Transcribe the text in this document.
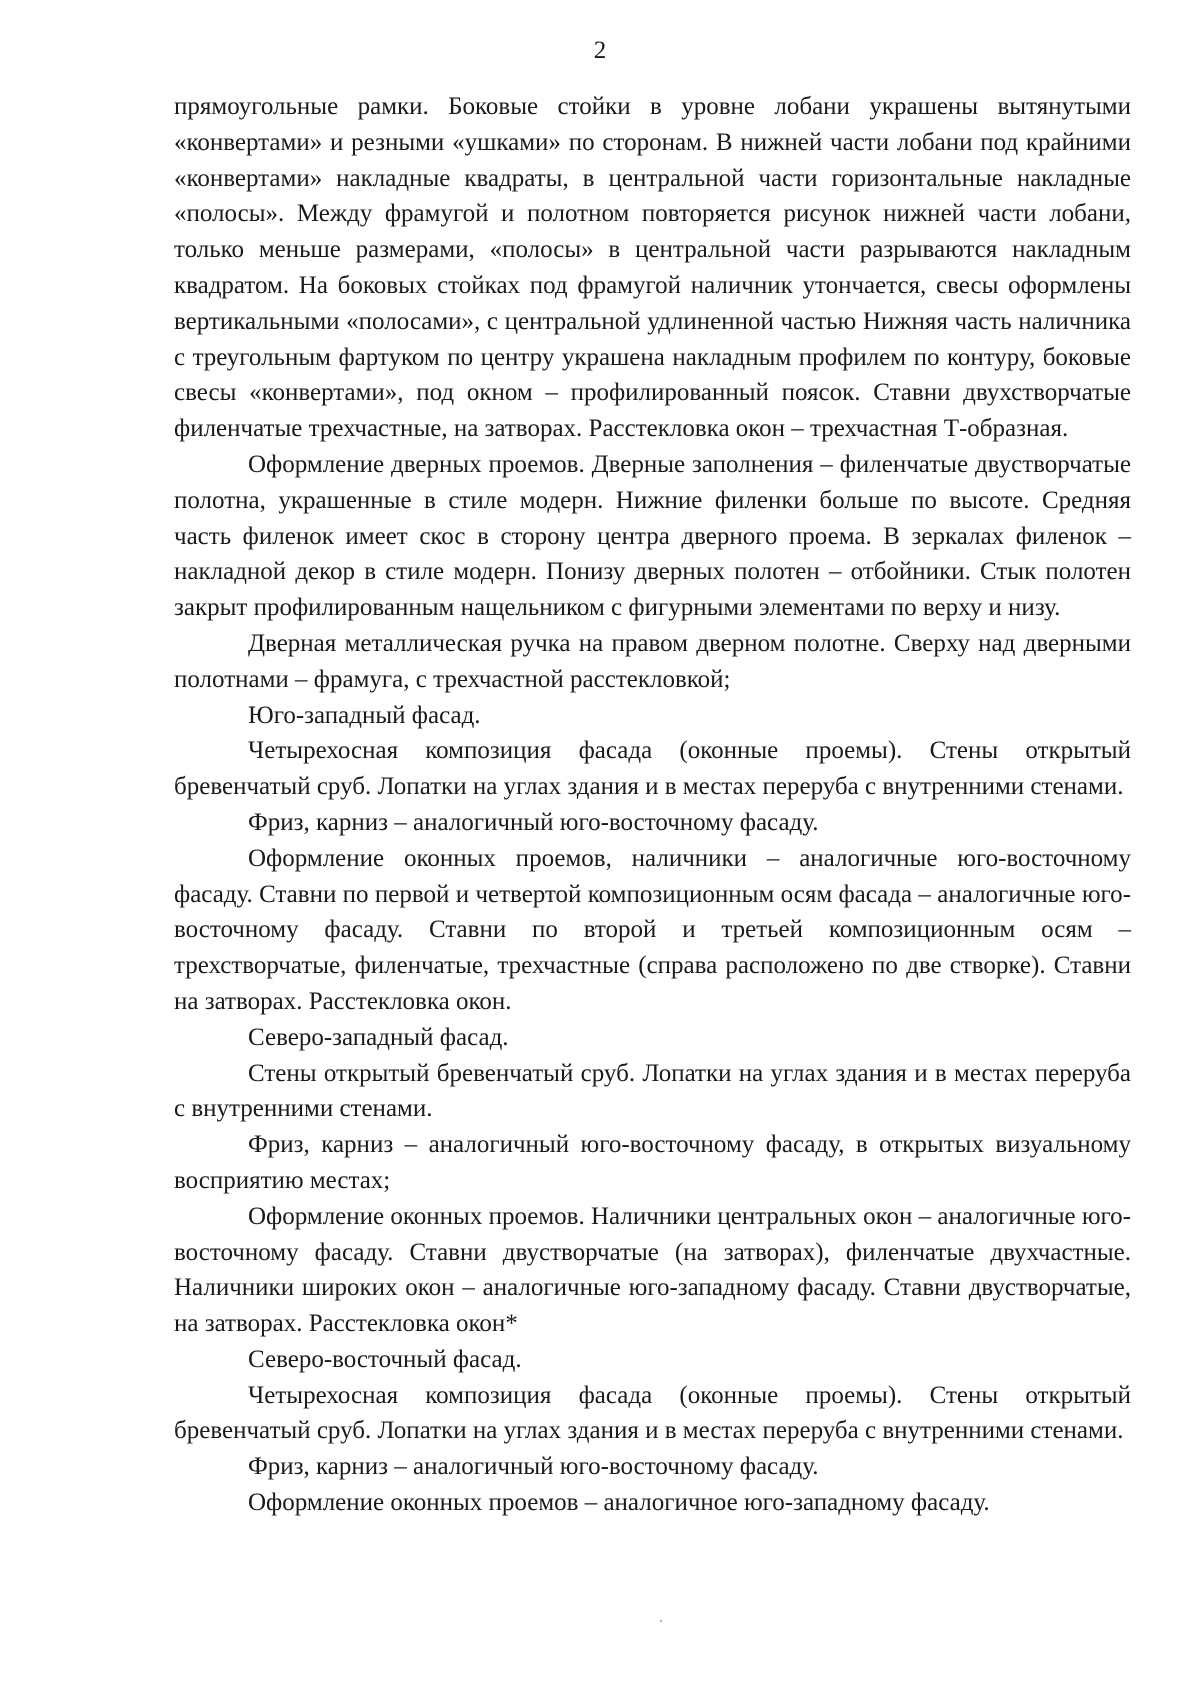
2

прямоугольные рамки. Боковые стойки в уровне лобани украшены вытянутыми «конвертами» и резными «ушками» по сторонам. В нижней части лобани под крайними «конвертами» накладные квадраты, в центральной части горизонтальные накладные «полосы». Между фрамугой и полотном повторяется рисунок нижней части лобани, только меньше размерами, «полосы» в центральной части разрываются накладным квадратом. На боковых стойках под фрамугой наличник утончается, свесы оформлены вертикальными «полосами», с центральной удлиненной частью Нижняя часть наличника с треугольным фартуком по центру украшена накладным профилем по контуру, боковые свесы «конвертами», под окном – профилированный поясок. Ставни двухстворчатые филенчатые трехчастные, на затворах. Расстекловка окон – трехчастная Т-образная.

Оформление дверных проемов. Дверные заполнения – филенчатые двустворчатые полотна, украшенные в стиле модерн. Нижние филенки больше по высоте. Средняя часть филенок имеет скос в сторону центра дверного проема. В зеркалах филенок – накладной декор в стиле модерн. Понизу дверных полотен – отбойники. Стык полотен закрыт профилированным нащельником с фигурными элементами по верху и низу.

Дверная металлическая ручка на правом дверном полотне. Сверху над дверными полотнами – фрамуга, с трехчастной расстекловкой;

Юго-западный фасад.

Четырехосная композиция фасада (оконные проемы). Стены открытый бревенчатый сруб. Лопатки на углах здания и в местах переруба с внутренними стенами.

Фриз, карниз – аналогичный юго-восточному фасаду.

Оформление оконных проемов, наличники – аналогичные юго-восточному фасаду. Ставни по первой и четвертой композиционным осям фасада – аналогичные юго-восточному фасаду. Ставни по второй и третьей композиционным осям – трехстворчатые, филенчатые, трехчастные (справа расположено по две створке). Ставни на затворах. Расстекловка окон.

Северо-западный фасад.

Стены открытый бревенчатый сруб. Лопатки на углах здания и в местах переруба с внутренними стенами.

Фриз, карниз – аналогичный юго-восточному фасаду, в открытых визуальному восприятию местах;

Оформление оконных проемов. Наличники центральных окон – аналогичные юго-восточному фасаду. Ставни двустворчатые (на затворах), филенчатые двухчастные. Наличники широких окон – аналогичные юго-западному фасаду. Ставни двустворчатые, на затворах. Расстекловка окон*

Северо-восточный фасад.

Четырехосная композиция фасада (оконные проемы). Стены открытый бревенчатый сруб. Лопатки на углах здания и в местах переруба с внутренними стенами.

Фриз, карниз – аналогичный юго-восточному фасаду.

Оформление оконных проемов – аналогичное юго-западному фасаду.
